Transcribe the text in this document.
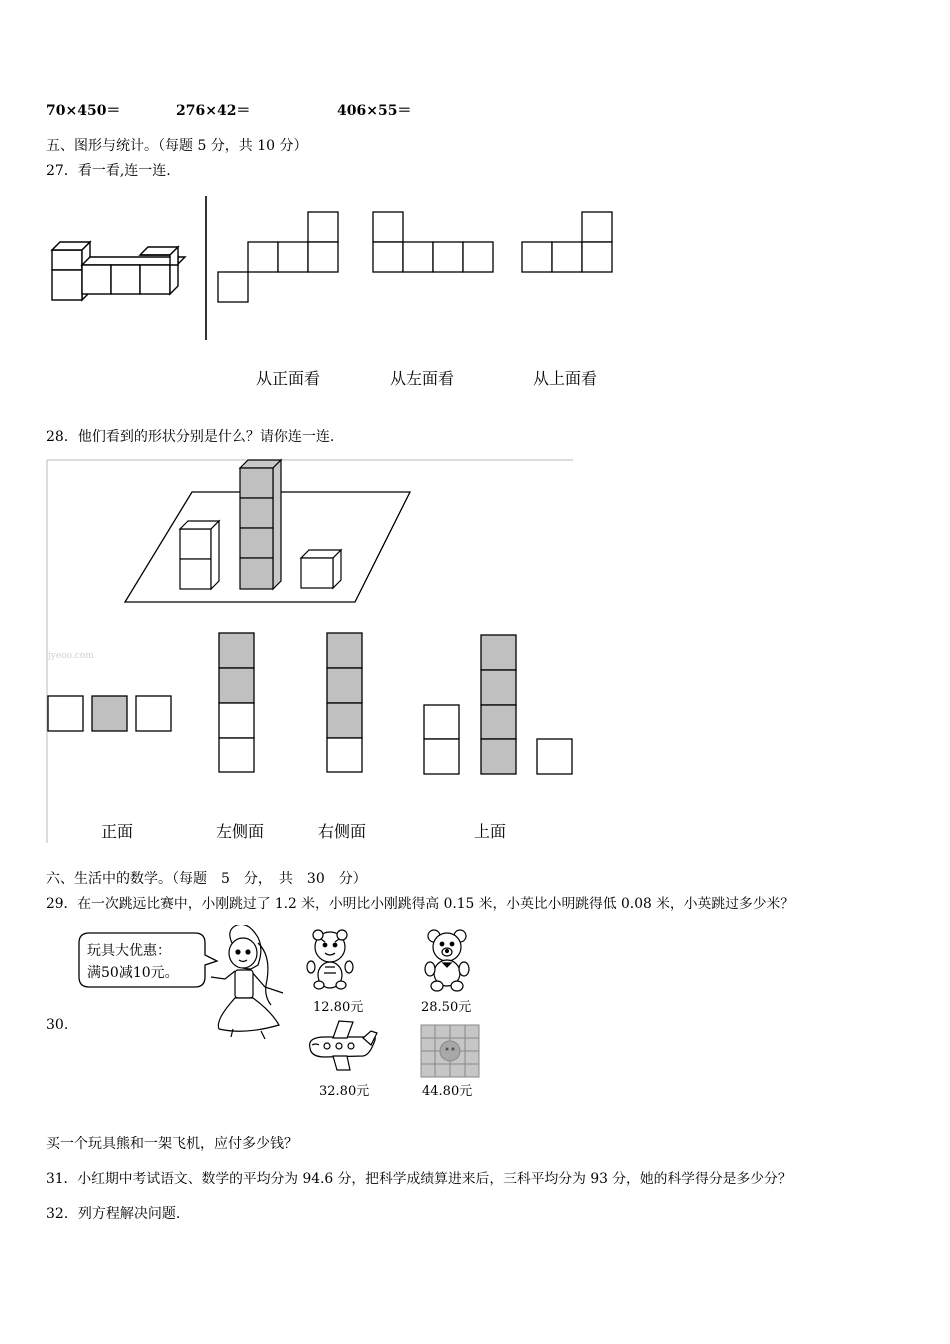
70×450＝	276×42＝	406×55＝
五、图形与统计。（每题 5 分，共 10 分）
27．看一看,连一连.
从正面看	从左面看	从上面看
28．他们看到的形状分别是什么？请你连一连.
jyeoo.com
正面	左侧面	右侧面	上面
六、生活中的数学。（每题　5　分，　共　30　分）
29．在一次跳远比赛中，小刚跳过了 1.2 米，小明比小刚跳得高 0.15 米，小英比小明跳得低 0.08 米，小英跳过多少米？
30.
玩具大优惠：
满50减10元。
12.80元	28.50元
32.80元	44.80元
买一个玩具熊和一架飞机，应付多少钱？
31．小红期中考试语文、数学的平均分为 94.6 分，把科学成绩算进来后，三科平均分为 93 分，她的科学得分是多少分？
32．列方程解决问题.
